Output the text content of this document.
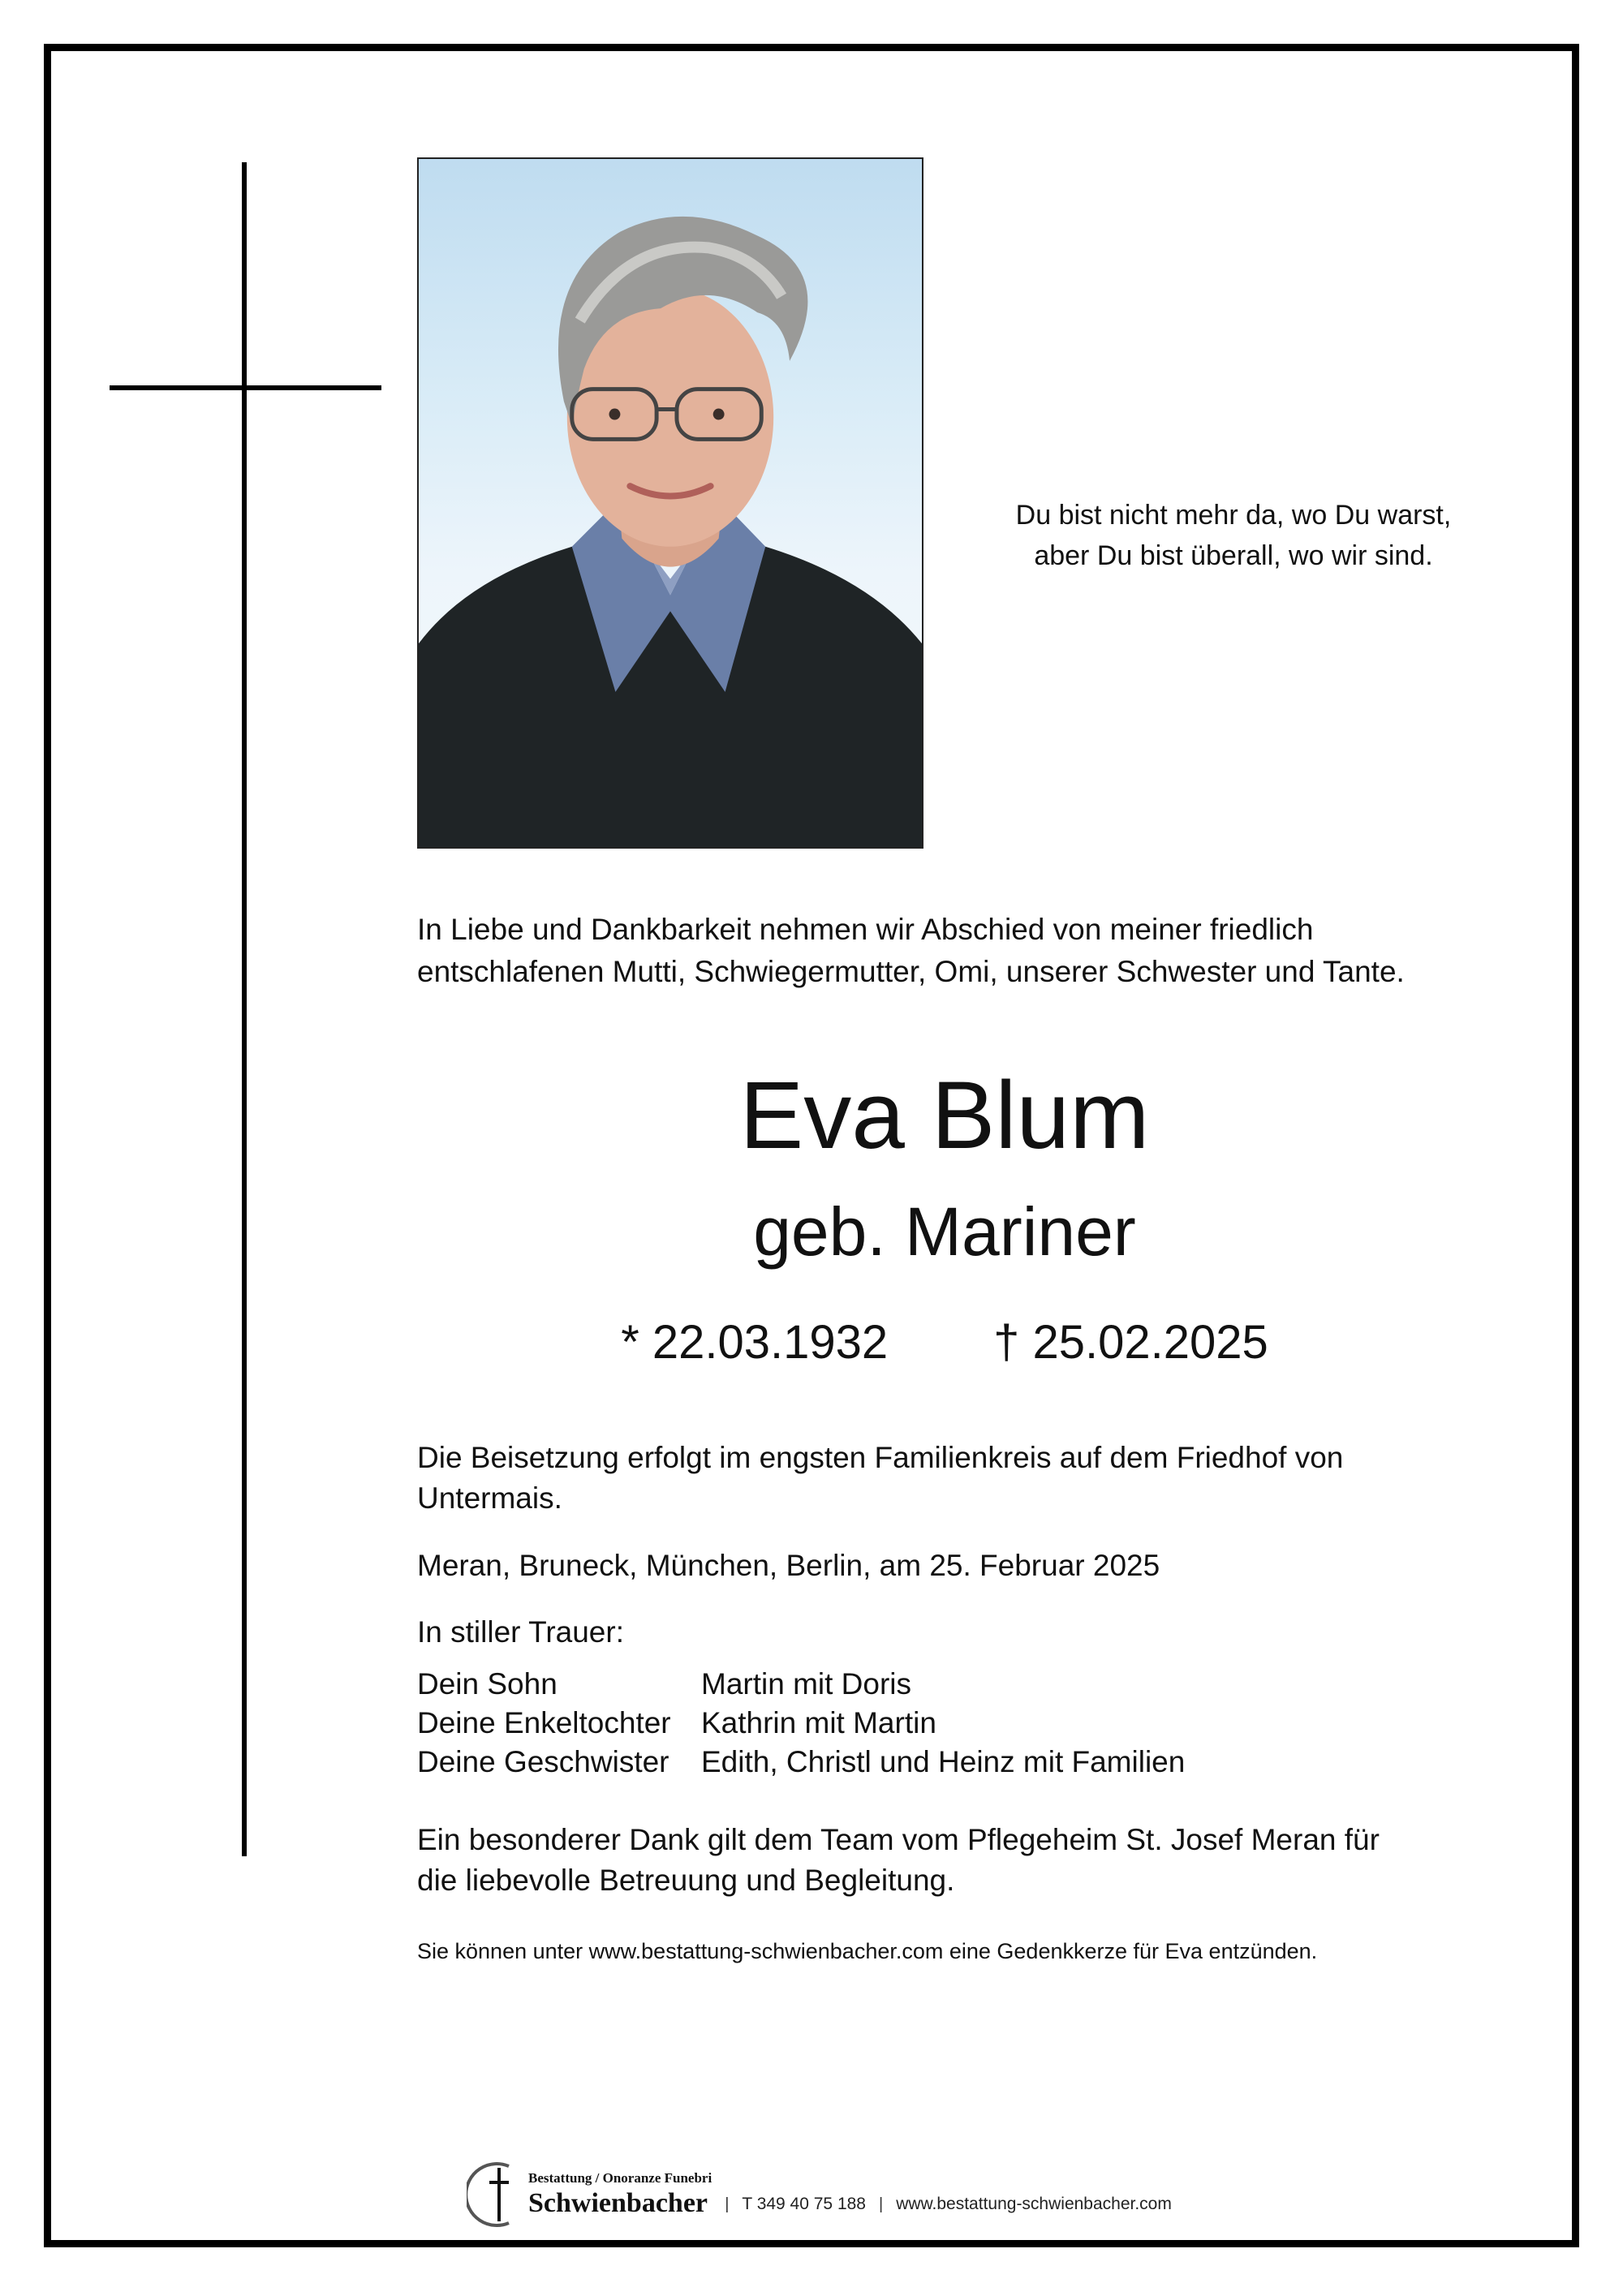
Du bist nicht mehr da, wo Du warst,
aber Du bist überall, wo wir sind.
In Liebe und Dankbarkeit nehmen wir Abschied von meiner friedlich
entschlafenen Mutti, Schwiegermutter, Omi, unserer Schwester und Tante.
Eva Blum
geb. Mariner
* 22.03.1932 † 25.02.2025
Die Beisetzung erfolgt im engsten Familienkreis auf dem Friedhof von
Untermais.
Meran, Bruneck, München, Berlin, am 25. Februar 2025
In stiller Trauer:
Dein Sohn	Martin mit Doris
Deine Enkeltochter	Kathrin mit Martin
Deine Geschwister	Edith, Christl und Heinz mit Familien
Ein besonderer Dank gilt dem Team vom Pflegeheim St. Josef Meran für
die liebevolle Betreuung und Begleitung.
Sie können unter www.bestattung-schwienbacher.com eine Gedenkkerze für Eva entzünden.
Bestattung / Onoranze Funebri
Schwienbacher | T 349 40 75 188 | www.bestattung-schwienbacher.com
